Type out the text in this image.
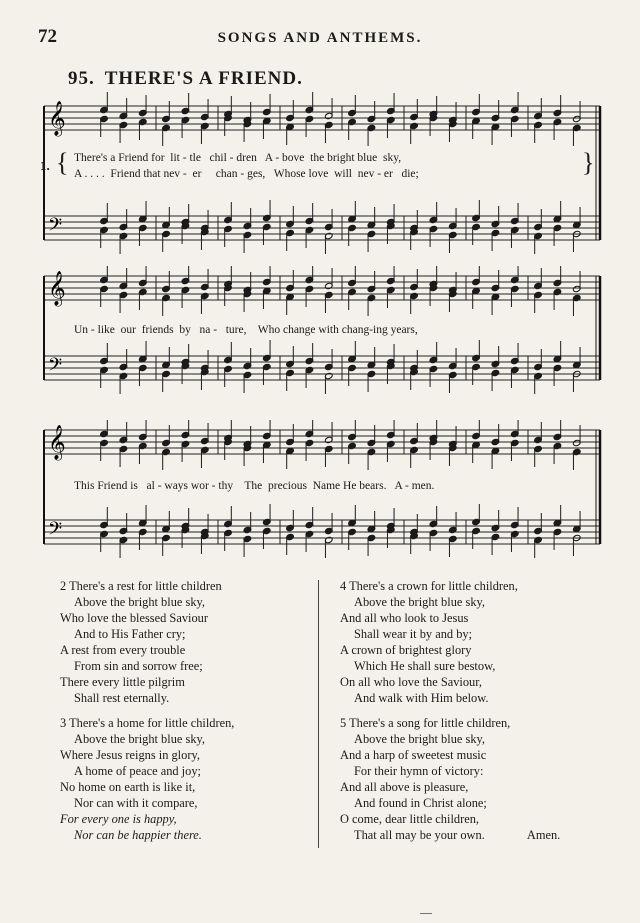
72	SONGS AND ANTHEMS.
95. THERE'S A FRIEND.
𝄞
𝄢
1. { There's a Friend for  lit - tle   chil - dren   A - bove  the bright blue  sky,
A . . . .  Friend that nev -  er     chan - ges,   Whose love  will  nev - er   die;	}
𝄞
𝄢
Un - like  our  friends  by   na -   ture,    Who change with chang-ing years,
𝄞
𝄢
This Friend is   al - ways wor - thy    The  precious  Name He bears.   A - men.
2 There's a rest for little children
Above the bright blue sky,
Who love the blessed Saviour
And to His Father cry;
A rest from every trouble
From sin and sorrow free;
There every little pilgrim
Shall rest eternally.
3 There's a home for little children,
Above the bright blue sky,
Where Jesus reigns in glory,
A home of peace and joy;
No home on earth is like it,
Nor can with it compare,
For every one is happy,
Nor can be happier there.
4 There's a crown for little children,
Above the bright blue sky,
And all who look to Jesus
Shall wear it by and by;
A crown of brightest glory
Which He shall sure bestow,
On all who love the Saviour,
And walk with Him below.
5 There's a song for little children,
Above the bright blue sky,
And a harp of sweetest music
For their hymn of victory:
And all above is pleasure,
And found in Christ alone;
O come, dear little children,
That all may be your own.	Amen.
—
